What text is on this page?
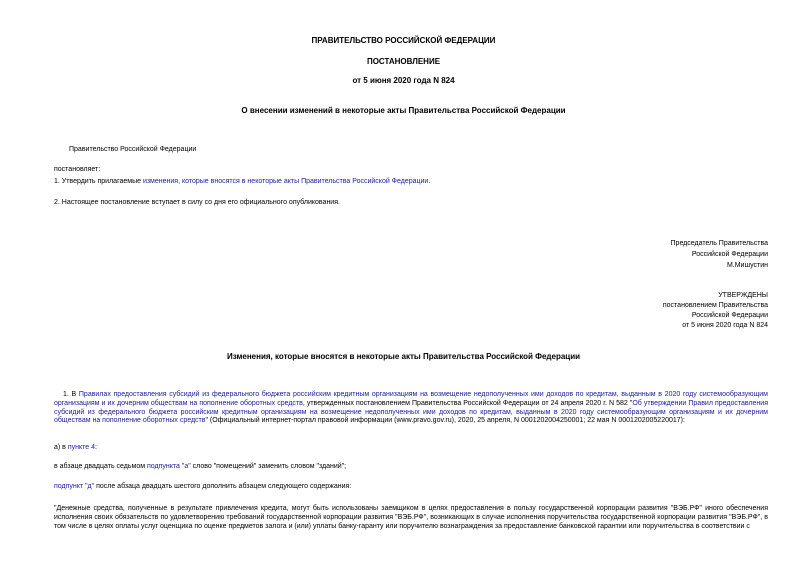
ПРАВИТЕЛЬСТВО РОССИЙСКОЙ ФЕДЕРАЦИИ
ПОСТАНОВЛЕНИЕ
от 5 июня 2020 года N 824
О внесении изменений в некоторые акты Правительства Российской Федерации
Правительство Российской Федерации
постановляет:
1. Утвердить прилагаемые изменения, которые вносятся в некоторые акты Правительства Российской Федерации.
2. Настоящее постановление вступает в силу со дня его официального опубликования.
Председатель Правительства
Российской Федерации
М.Мишустин
УТВЕРЖДЕНЫ
постановлением Правительства
Российской Федерации
от 5 июня 2020 года N 824
Изменения, которые вносятся в некоторые акты Правительства Российской Федерации
1. В Правилах предоставления субсидий из федерального бюджета российским кредитным организациям на возмещение недополученных ими доходов по кредитам, выданным в 2020 году системообразующим организациям и их дочерним обществам на пополнение оборотных средств, утвержденных постановлением Правительства Российской Федерации от 24 апреля 2020 г. N 582 "Об утверждении Правил предоставления субсидий из федерального бюджета российским кредитным организациям на возмещение недополученных ими доходов по кредитам, выданным в 2020 году системообразующим организациям и их дочерним обществам на пополнение оборотных средств" (Официальный интернет-портал правовой информации (www.pravo.gov.ru), 2020, 25 апреля, N 0001202004250001; 22 мая N 0001202005220017):
а) в пункте 4:
в абзаце двадцать седьмом подпункта "а" слово "помещений" заменить словом "зданий";
подпункт "д" после абзаца двадцать шестого дополнить абзацем следующего содержания:
"Денежные средства, полученные в результате привлечения кредита, могут быть использованы заемщиком в целях предоставления в пользу государственной корпорации развития "ВЭБ.РФ" иного обеспечения исполнения своих обязательств по удовлетворению требований государственной корпорации развития "ВЭБ.РФ", возникающих в случае исполнения поручительства государственной корпорации развития "ВЭБ.РФ", в том числе в целях оплаты услуг оценщика по оценке предметов залога и (или) уплаты банку-гаранту или поручителю вознаграждения за предоставление банковской гарантии или поручительства в соответствии с
